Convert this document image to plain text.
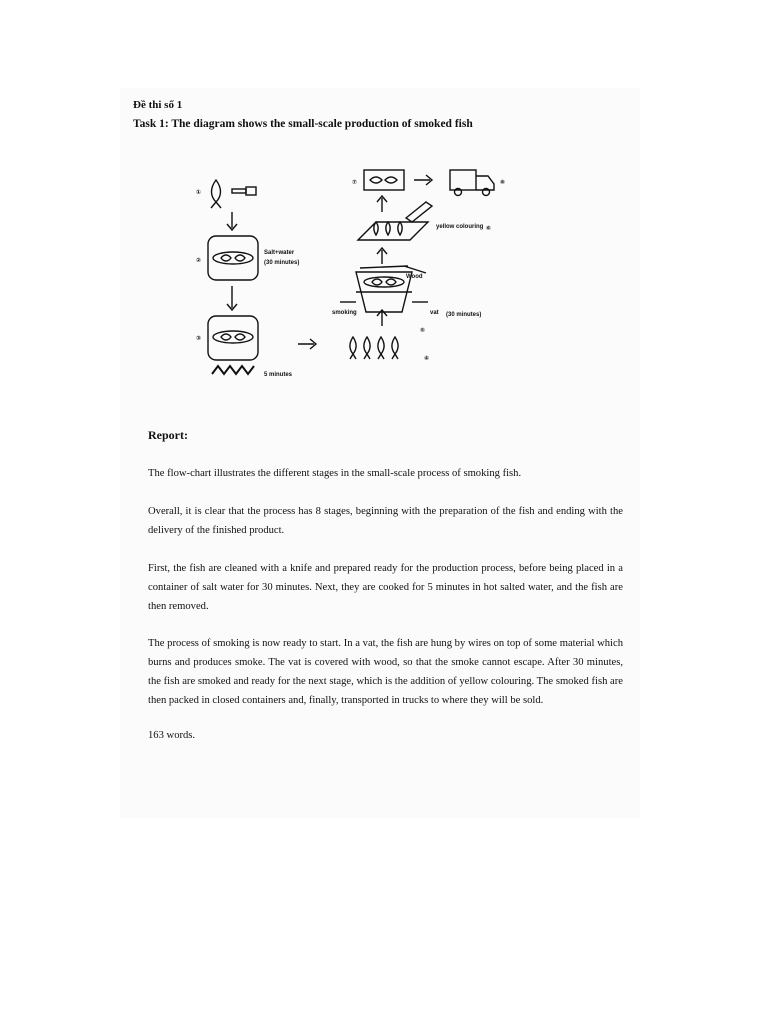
Đề thi số 1
Task 1: The diagram shows the small-scale production of smoked fish
①
②
③
④
⑤
⑥
⑦	⑧
Salt+water
(30 minutes)
5 minutes
Wood
smoking	vat (30 minutes)
yellow colouring
Report:
The flow-chart illustrates the different stages in the small-scale process of smoking fish.
Overall, it is clear that the process has 8 stages, beginning with the preparation of the fish and ending with the delivery of the finished product.
First, the fish are cleaned with a knife and prepared ready for the production process, before being placed in a container of salt water for 30 minutes. Next, they are cooked for 5 minutes in hot salted water, and the fish are then removed.
The process of smoking is now ready to start. In a vat, the fish are hung by wires on top of some material which burns and produces smoke. The vat is covered with wood, so that the smoke cannot escape. After 30 minutes, the fish are smoked and ready for the next stage, which is the addition of yellow colouring. The smoked fish are then packed in closed containers and, finally, transported in trucks to where they will be sold.
163 words.
